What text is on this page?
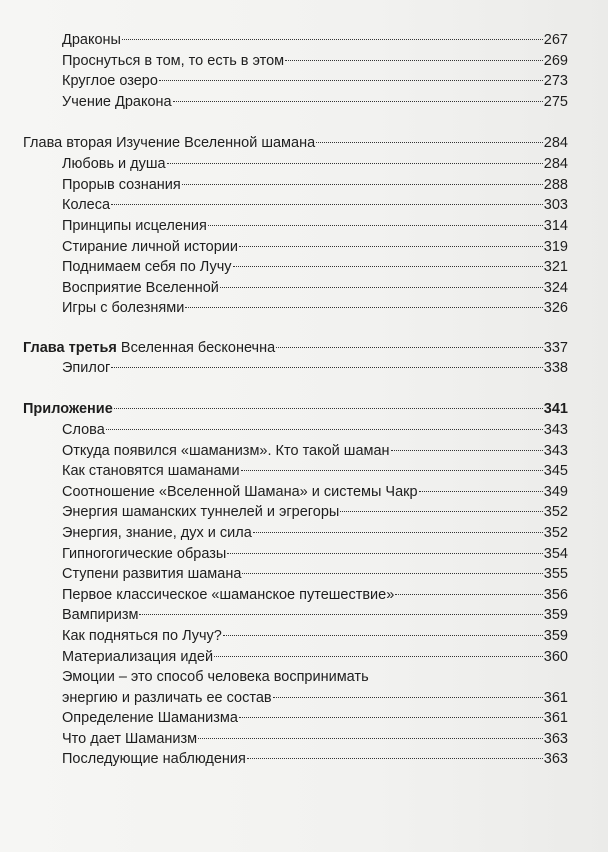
Драконы	267
Проснуться в том, то есть в этом	269
Круглое озеро	273
Учение Дракона	275
Глава вторая Изучение Вселенной шамана	284
Любовь и душа	284
Прорыв сознания	288
Колеса	303
Принципы исцеления	314
Стирание личной истории	319
Поднимаем себя по Лучу	321
Восприятие Вселенной	324
Игры с болезнями	326
Глава третья Вселенная бесконечна	337
Эпилог	338
Приложение	341
Слова	343
Откуда появился «шаманизм». Кто такой шаман	343
Как становятся шаманами	345
Соотношение «Вселенной Шамана» и системы Чакр	349
Энергия шаманских туннелей и эгрегоры	352
Энергия, знание, дух и сила	352
Гипногогические образы	354
Ступени развития шамана	355
Первое классическое «шаманское путешествие»	356
Вампиризм	359
Как подняться по Лучу?	359
Материализация идей	360
Эмоции – это способ человека воспринимать
энергию и различать ее состав	361
Определение Шаманизма	361
Что дает Шаманизм	363
Последующие наблюдения	363
